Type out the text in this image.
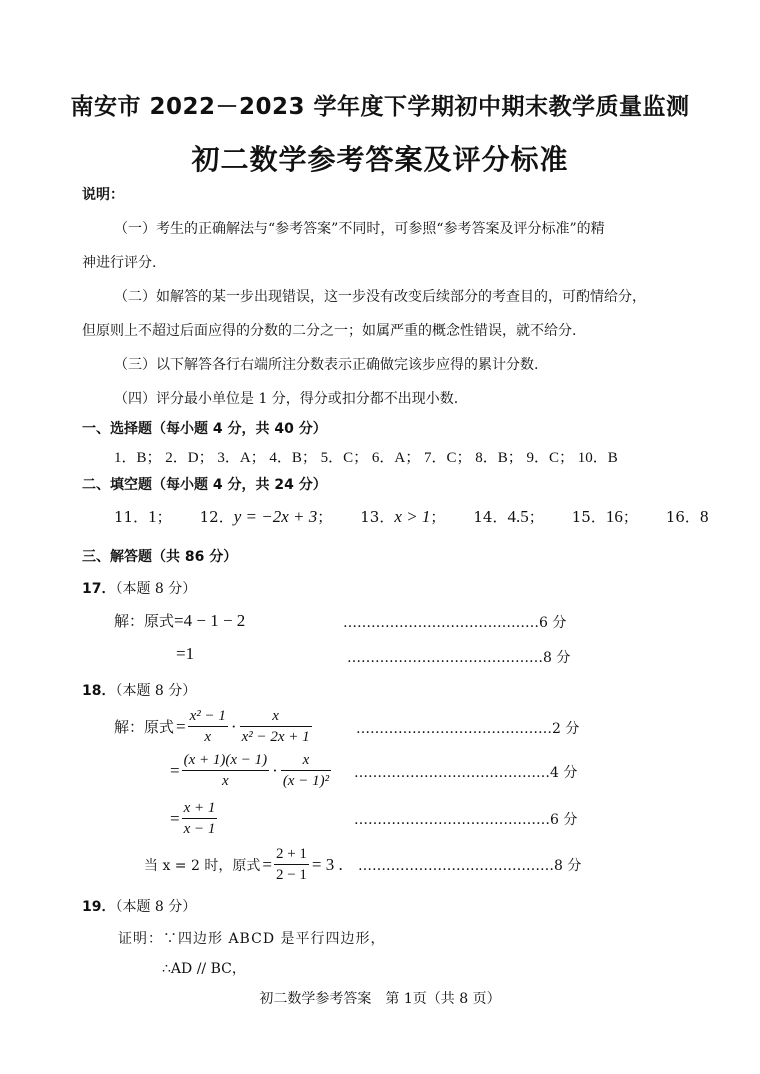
南安市 2022－2023 学年度下学期初中期末教学质量监测
初二数学参考答案及评分标准
说明：
（一）考生的正确解法与“参考答案”不同时，可参照“参考答案及评分标准”的精
神进行评分.
（二）如解答的某一步出现错误，这一步没有改变后续部分的考查目的，可酌情给分，
但原则上不超过后面应得的分数的二分之一；如属严重的概念性错误，就不给分.
（三）以下解答各行右端所注分数表示正确做完该步应得的累计分数.
（四）评分最小单位是 1 分，得分或扣分都不出现小数.
一、选择题（每小题 4 分，共 40 分）
1．B； 2．D； 3．A； 4．B； 5．C； 6．A； 7．C； 8．B； 9．C； 10．B
二、填空题（每小题 4 分，共 24 分）
11． 1 ； 12． y = −2x + 3 ； 13． x > 1 ； 14． 4.5 ； 15． 16 ； 16． 8
三、解答题（共 86 分）
17．（本题 8 分）
解：原式 =4 − 1 − 2	……………………………………6 分
=1	……………………………………8 分
18．（本题 8 分）
解：原式 = $\frac{\text{x² − 1}}{x} \cdot \frac{x}{\text{x² − 2x + 1}}$	……………………………………2 分
= $\frac{(x + 1)(x - 1)}{x} \cdot \frac{x}{\text{(x − 1)²}}$ ……………………………………4 分
= $\frac{x + 1}{x - 1}$	……………………………………6 分
当 x = 2 时，原式 = $\frac{2 + 1}{2 - 1} = 3$ . ……………………………………8 分
19．（本题 8 分）
证明：∵四边形 ABCD 是平行四边形，
∴AD // BC，
初二数学参考答案　第 1页（共 8 页）
